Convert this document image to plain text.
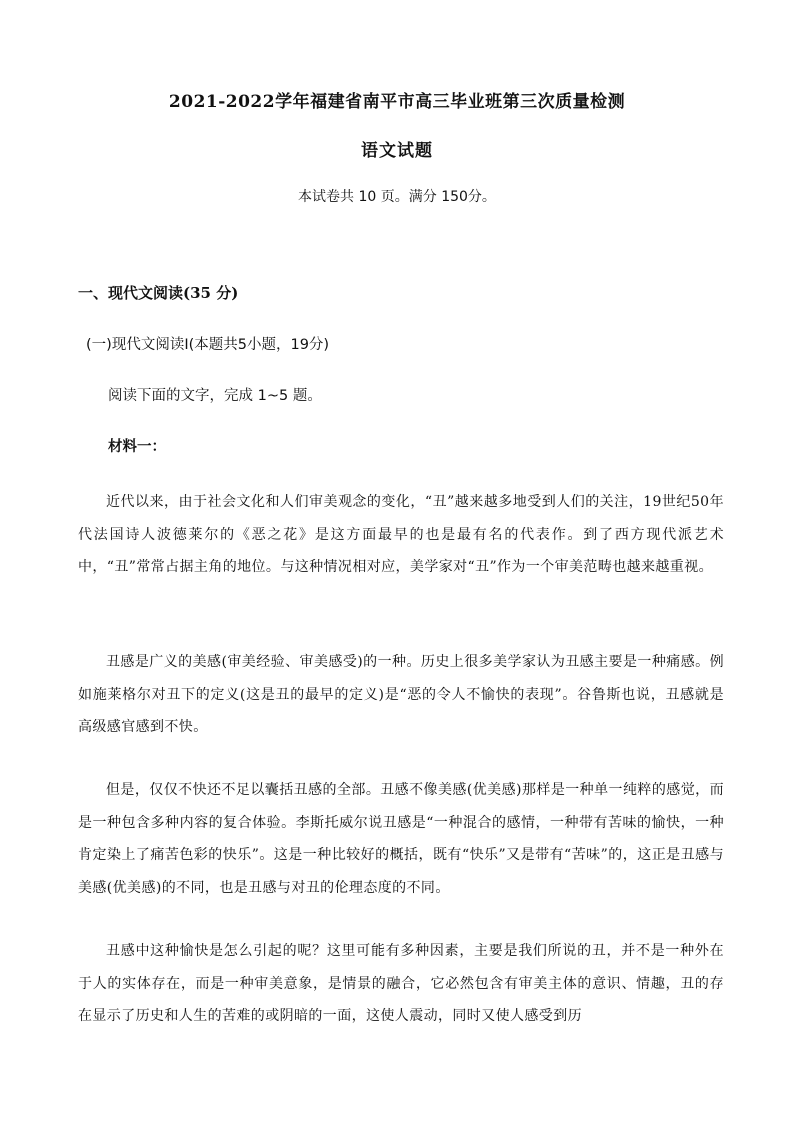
2021-2022学年福建省南平市高三毕业班第三次质量检测
语文试题
本试卷共 10 页。满分 150分。
一、现代文阅读(35 分)
(一)现代文阅读Ⅰ(本题共5小题，19分)
阅读下面的文字，完成 1~5 题。
材料一：

近代以来，由于社会文化和人们审美观念的变化，“丑”越来越多地受到人们的关注，19世纪50年代法国诗人波德莱尔的《恶之花》是这方面最早的也是最有名的代表作。到了西方现代派艺术中，“丑”常常占据主角的地位。与这种情况相对应，美学家对“丑”作为一个审美范畴也越来越重视。

丑感是广义的美感(审美经验、审美感受)的一种。历史上很多美学家认为丑感主要是一种痛感。例如施莱格尔对丑下的定义(这是丑的最早的定义)是“恶的令人不愉快的表现”。谷鲁斯也说，丑感就是高级感官感到不快。

但是，仅仅不快还不足以囊括丑感的全部。丑感不像美感(优美感)那样是一种单一纯粹的感觉，而是一种包含多种内容的复合体验。李斯托威尔说丑感是“一种混合的感情，一种带有苦味的愉快，一种肯定染上了痛苦色彩的快乐”。这是一种比较好的概括，既有“快乐”又是带有“苦味”的，这正是丑感与美感(优美感)的不同，也是丑感与对丑的伦理态度的不同。

丑感中这种愉快是怎么引起的呢？这里可能有多种因素，主要是我们所说的丑，并不是一种外在于人的实体存在，而是一种审美意象，是情景的融合，它必然包含有审美主体的意识、情趣，丑的存在显示了历史和人生的苦难的或阴暗的一面，这使人震动，同时又使人感受到历
